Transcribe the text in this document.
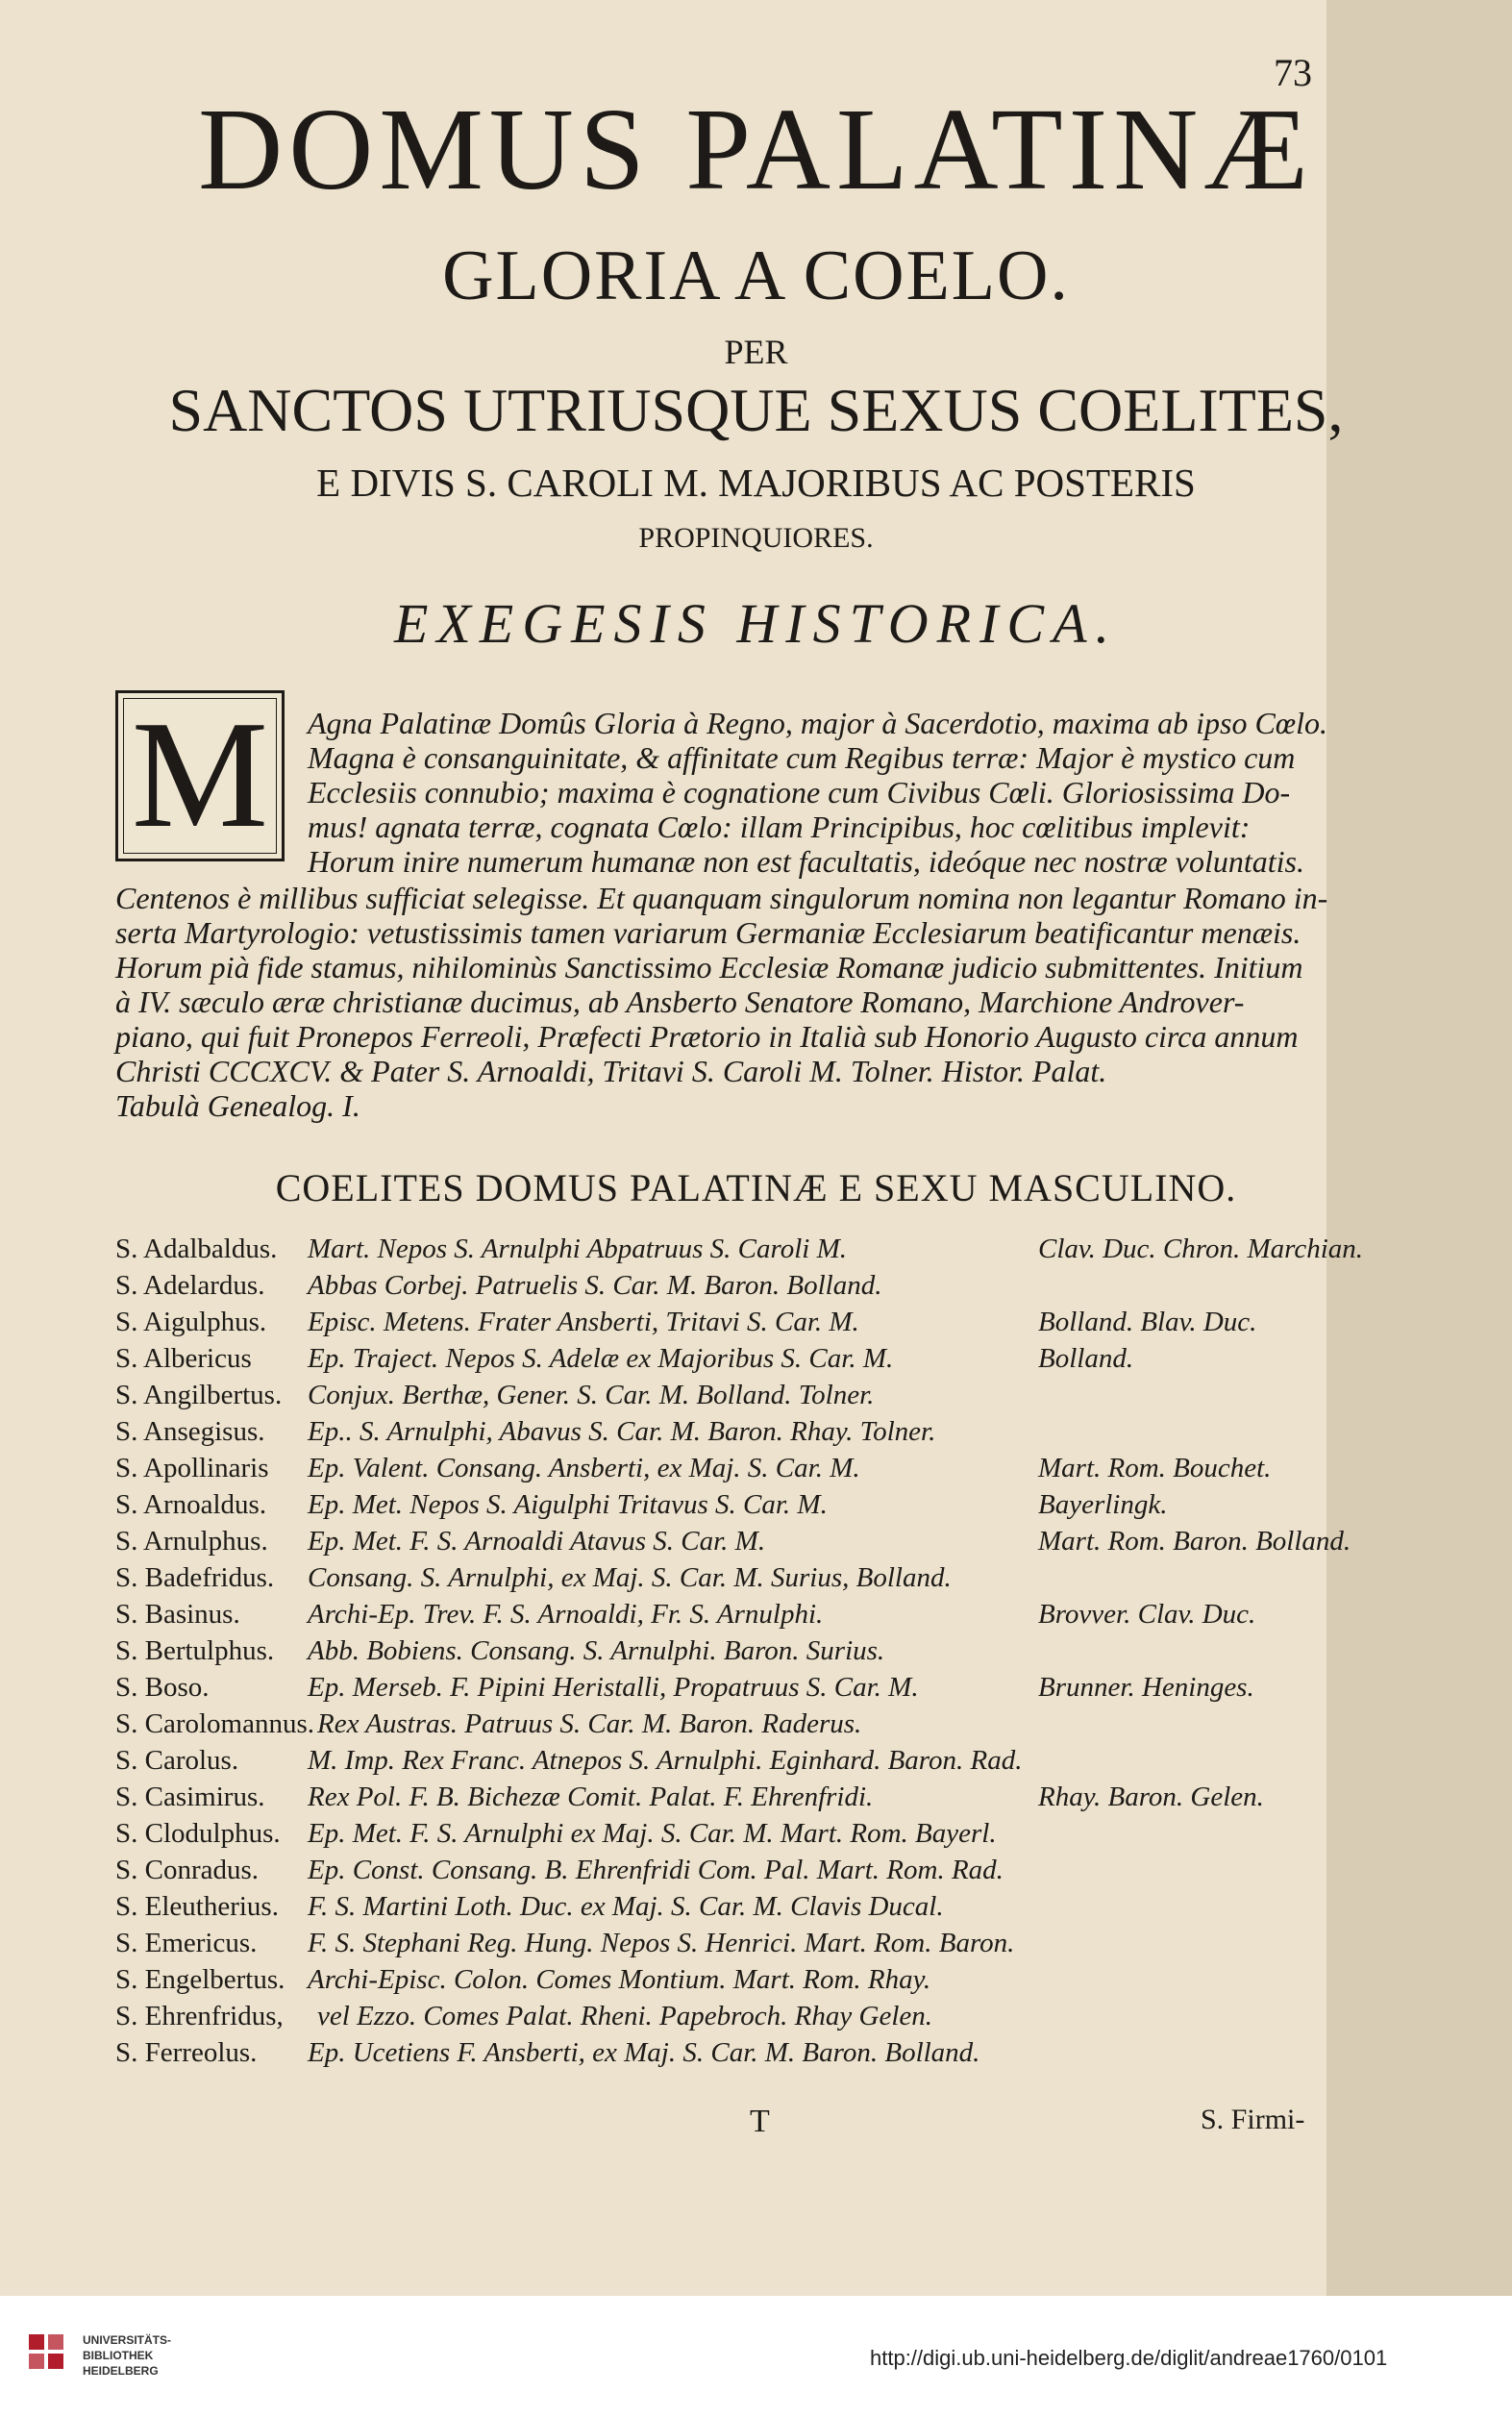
73
DOMUS PALATINÆ
GLORIA A COELO.
PER
SANCTOS UTRIUSQUE SEXUS COELITES,
E DIVIS S. CAROLI M. MAJORIBUS AC POSTERIS
PROPINQUIORES.
EXEGESIS HISTORICA.
M	Agna Palatinæ Domûs Gloria à Regno, major à Sacerdotio, maxima ab ipso Cœlo.
Magna è consanguinitate, & affinitate cum Regibus terræ: Major è mystico cum
Ecclesiis connubio; maxima è cognatione cum Civibus Cœli. Gloriosissima Do-
mus! agnata terræ, cognata Cœlo: illam Principibus, hoc cœlitibus implevit:
Horum inire numerum humanæ non est facultatis, ideóque nec nostræ voluntatis.
Centenos è millibus sufficiat selegisse. Et quanquam singulorum nomina non legantur Romano in-
serta Martyrologio: vetustissimis tamen variarum Germaniæ Ecclesiarum beatificantur menæis.
Horum pià fide stamus, nihilominùs Sanctissimo Ecclesiæ Romanæ judicio submittentes. Initium
à IV. sæculo æræ christianæ ducimus, ab Ansberto Senatore Romano, Marchione Androver-
piano, qui fuit Pronepos Ferreoli, Præfecti Prætorio in Italià sub Honorio Augusto circa annum
Christi CCCXCV. & Pater S. Arnoaldi, Tritavi S. Caroli M. Tolner. Histor. Palat.
Tabulà Genealog. I.
COELITES DOMUS PALATINÆ E SEXU MASCULINO.
S. Adalbaldus. Mart. Nepos S. Arnulphi Abpatruus S. Caroli M.	Clav. Duc. Chron. Marchian.
S. Adelardus. Abbas Corbej. Patruelis S. Car. M. Baron. Bolland.
S. Aigulphus. Episc. Metens. Frater Ansberti, Tritavi S. Car. M.	Bolland. Blav. Duc.
S. Albericus Ep. Traject. Nepos S. Adelæ ex Majoribus S. Car. M.	Bolland.
S. Angilbertus. Conjux. Berthæ, Gener. S. Car. M. Bolland. Tolner.
S. Ansegisus. Ep.. S. Arnulphi, Abavus S. Car. M. Baron. Rhay. Tolner.
S. Apollinaris Ep. Valent. Consang. Ansberti, ex Maj. S. Car. M.	Mart. Rom. Bouchet.
S. Arnoaldus. Ep. Met. Nepos S. Aigulphi Tritavus S. Car. M.	Bayerlingk.
S. Arnulphus. Ep. Met. F. S. Arnoaldi Atavus S. Car. M.	Mart. Rom. Baron. Bolland.
S. Badefridus. Consang. S. Arnulphi, ex Maj. S. Car. M. Surius, Bolland.
S. Basinus. Archi-Ep. Trev. F. S. Arnoaldi, Fr. S. Arnulphi.	Brovver. Clav. Duc.
S. Bertulphus. Abb. Bobiens. Consang. S. Arnulphi. Baron. Surius.
S. Boso.	Ep. Merseb. F. Pipini Heristalli, Propatruus S. Car. M.	Brunner. Heninges.
S. Carolomannus. Rex Austras. Patruus S. Car. M. Baron. Raderus.
S. Carolus. M. Imp. Rex Franc. Atnepos S. Arnulphi. Eginhard. Baron. Rad.
S. Casimirus. Rex Pol. F. B. Bichezæ Comit. Palat. F. Ehrenfridi.	Rhay. Baron. Gelen.
S. Clodulphus. Ep. Met. F. S. Arnulphi ex Maj. S. Car. M. Mart. Rom. Bayerl.
S. Conradus. Ep. Const. Consang. B. Ehrenfridi Com. Pal. Mart. Rom. Rad.
S. Eleutherius. F. S. Martini Loth. Duc. ex Maj. S. Car. M. Clavis Ducal.
S. Emericus. F. S. Stephani Reg. Hung. Nepos S. Henrici. Mart. Rom. Baron.
S. Engelbertus. Archi-Episc. Colon. Comes Montium. Mart. Rom. Rhay.
S. Ehrenfridus, vel Ezzo. Comes Palat. Rheni. Papebroch. Rhay Gelen.
S. Ferreolus. Ep. Ucetiens F. Ansberti, ex Maj. S. Car. M. Baron. Bolland.
T	S. Firmi-
UNIVERSITÄTS-
BIBLIOTHEK
HEIDELBERG
http://digi.ub.uni-heidelberg.de/diglit/andreae1760/0101
